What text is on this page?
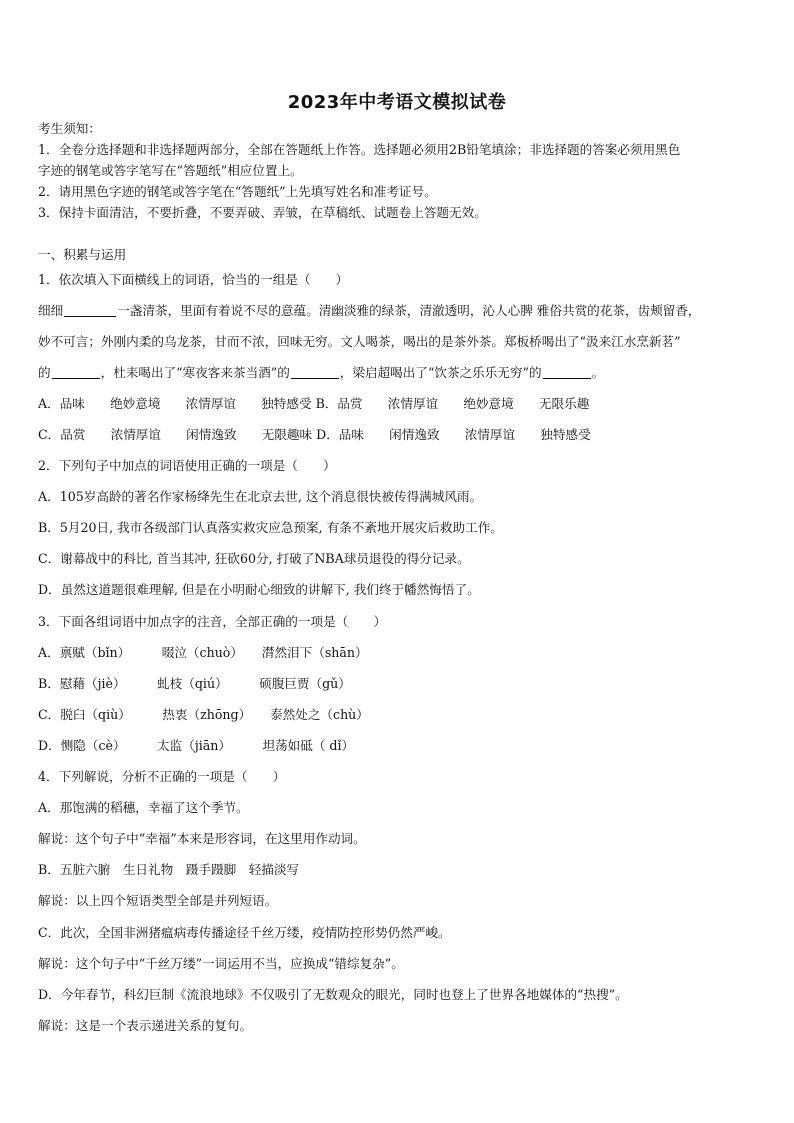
2023年中考语文模拟试卷
考生须知：
1．全卷分选择题和非选择题两部分，全部在答题纸上作答。选择题必须用2B铅笔填涂；非选择题的答案必须用黑色
字迹的钢笔或答字笔写在“答题纸”相应位置上。
2．请用黑色字迹的钢笔或答字笔在“答题纸”上先填写姓名和准考证号。
3．保持卡面清洁，不要折叠，不要弄破、弄皱，在草稿纸、试题卷上答题无效。
一、积累与运用
1．依次填入下面横线上的词语，恰当的一组是（　　）
细细	一盏清茶，里面有着说不尽的意蕴。清幽淡雅的绿茶，清澈透明，沁人心脾 雅俗共赏的花茶，齿颊留香，
妙不可言；外刚内柔的乌龙茶，甘而不浓，回味无穷。文人喝茶，喝出的是茶外茶。郑板桥喝出了“汲来江水烹新茗”
的	，杜耒喝出了“寒夜客来茶当酒”的	，梁启超喝出了“饮茶之乐乐无穷”的	。
A．品味　　绝妙意境　　浓情厚谊　　独特感受 B．品赏　　浓情厚谊　　绝妙意境　　无限乐趣
C．品赏　　浓情厚谊　　闲情逸致　　无限趣味 D．品味　　闲情逸致　　浓情厚谊　　独特感受
2．下列句子中加点的词语使用正确的一项是（　　）
A．105岁高龄的著名作家杨绛先生在北京去世, 这个消息很快被传得满城风雨。
B．5月20日, 我市各级部门认真落实救灾应急预案, 有条不紊地开展灾后救助工作。
C．谢幕战中的科比, 首当其冲, 狂砍60分, 打破了NBA球员退役的得分记录。
D．虽然这道题很难理解, 但是在小明耐心细致的讲解下, 我们终于幡然悔悟了。
3．下面各组词语中加点字的注音，全部正确的一项是（　　）
A．禀赋（bǐn）　　　啜泣（chuò）　　潸然泪下（shān）
B．慰藉（jiè）　　　虬枝（qiú）　　　硕腹巨贾（gǔ）
C．脱臼（qiù）　　　热衷（zhōng）　　泰然处之（chù）
D．恻隐（cè）　　　太监（jiān）　　　坦荡如砥（ dǐ）
4．下列解说，分析不正确的一项是（　　）
A．那饱满的稻穗，幸福了这个季节。
解说：这个句子中“幸福”本来是形容词，在这里用作动词。
B．五脏六腑　生日礼物　蹑手蹑脚　轻描淡写
解说：以上四个短语类型全部是并列短语。
C．此次，全国非洲猪瘟病毒传播途径千丝万缕，疫情防控形势仍然严峻。
解说：这个句子中“千丝万缕”一词运用不当，应换成“错综复杂”。
D．今年春节，科幻巨制《流浪地球》不仅吸引了无数观众的眼光，同时也登上了世界各地媒体的“热搜”。
解说：这是一个表示递进关系的复句。
